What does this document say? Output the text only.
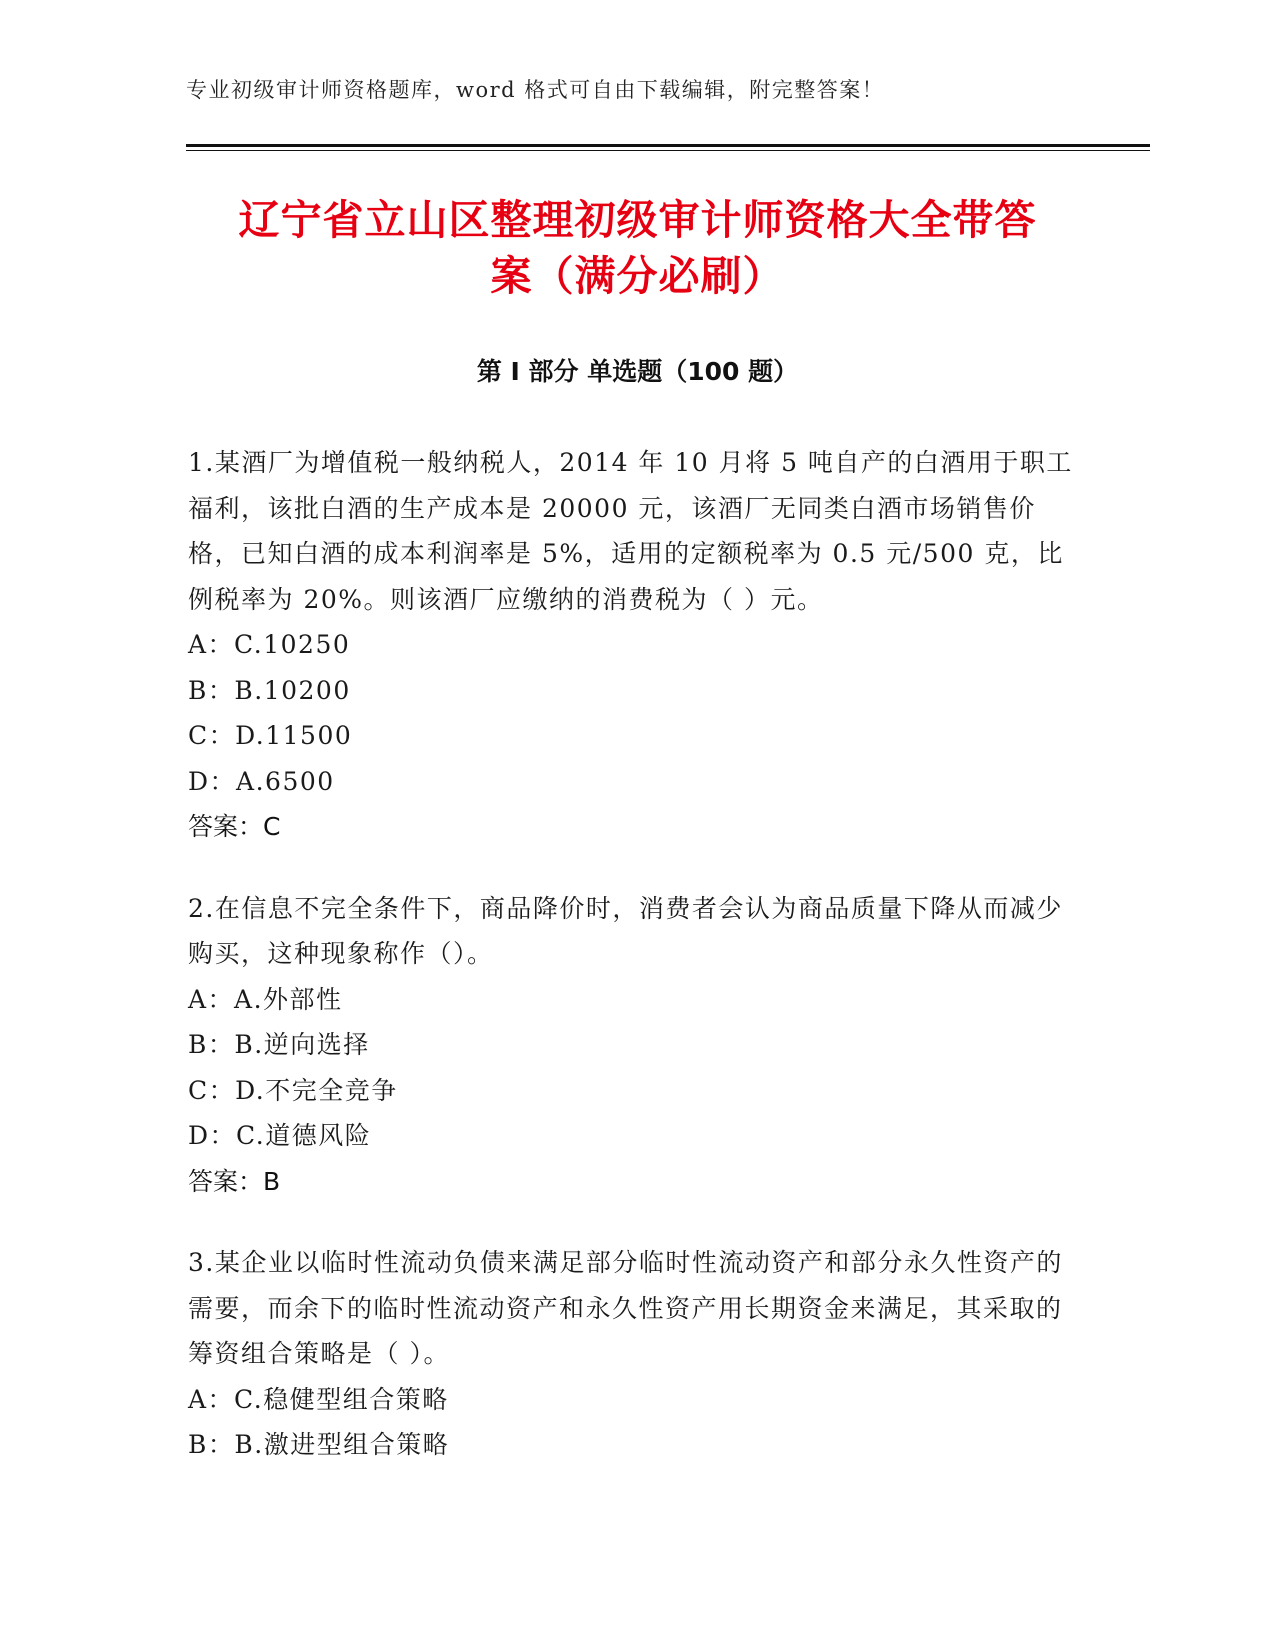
专业初级审计师资格题库，word 格式可自由下载编辑，附完整答案！
辽宁省立山区整理初级审计师资格大全带答
案（满分必刷）
第 I 部分 单选题（100 题）
1.某酒厂为增值税一般纳税人，2014 年 10 月将 5 吨自产的白酒用于职工福利，该批白酒的生产成本是 20000 元，该酒厂无同类白酒市场销售价格，已知白酒的成本利润率是 5%，适用的定额税率为 0.5 元/500 克，比例税率为 20%。则该酒厂应缴纳的消费税为（ ）元。
A：C.10250
B：B.10200
C：D.11500
D：A.6500
答案：C
2.在信息不完全条件下，商品降价时，消费者会认为商品质量下降从而减少购买，这种现象称作（）。
A：A.外部性
B：B.逆向选择
C：D.不完全竞争
D：C.道德风险
答案：B
3.某企业以临时性流动负债来满足部分临时性流动资产和部分永久性资产的需要，而余下的临时性流动资产和永久性资产用长期资金来满足，其采取的筹资组合策略是（ ）。
A：C.稳健型组合策略
B：B.激进型组合策略
